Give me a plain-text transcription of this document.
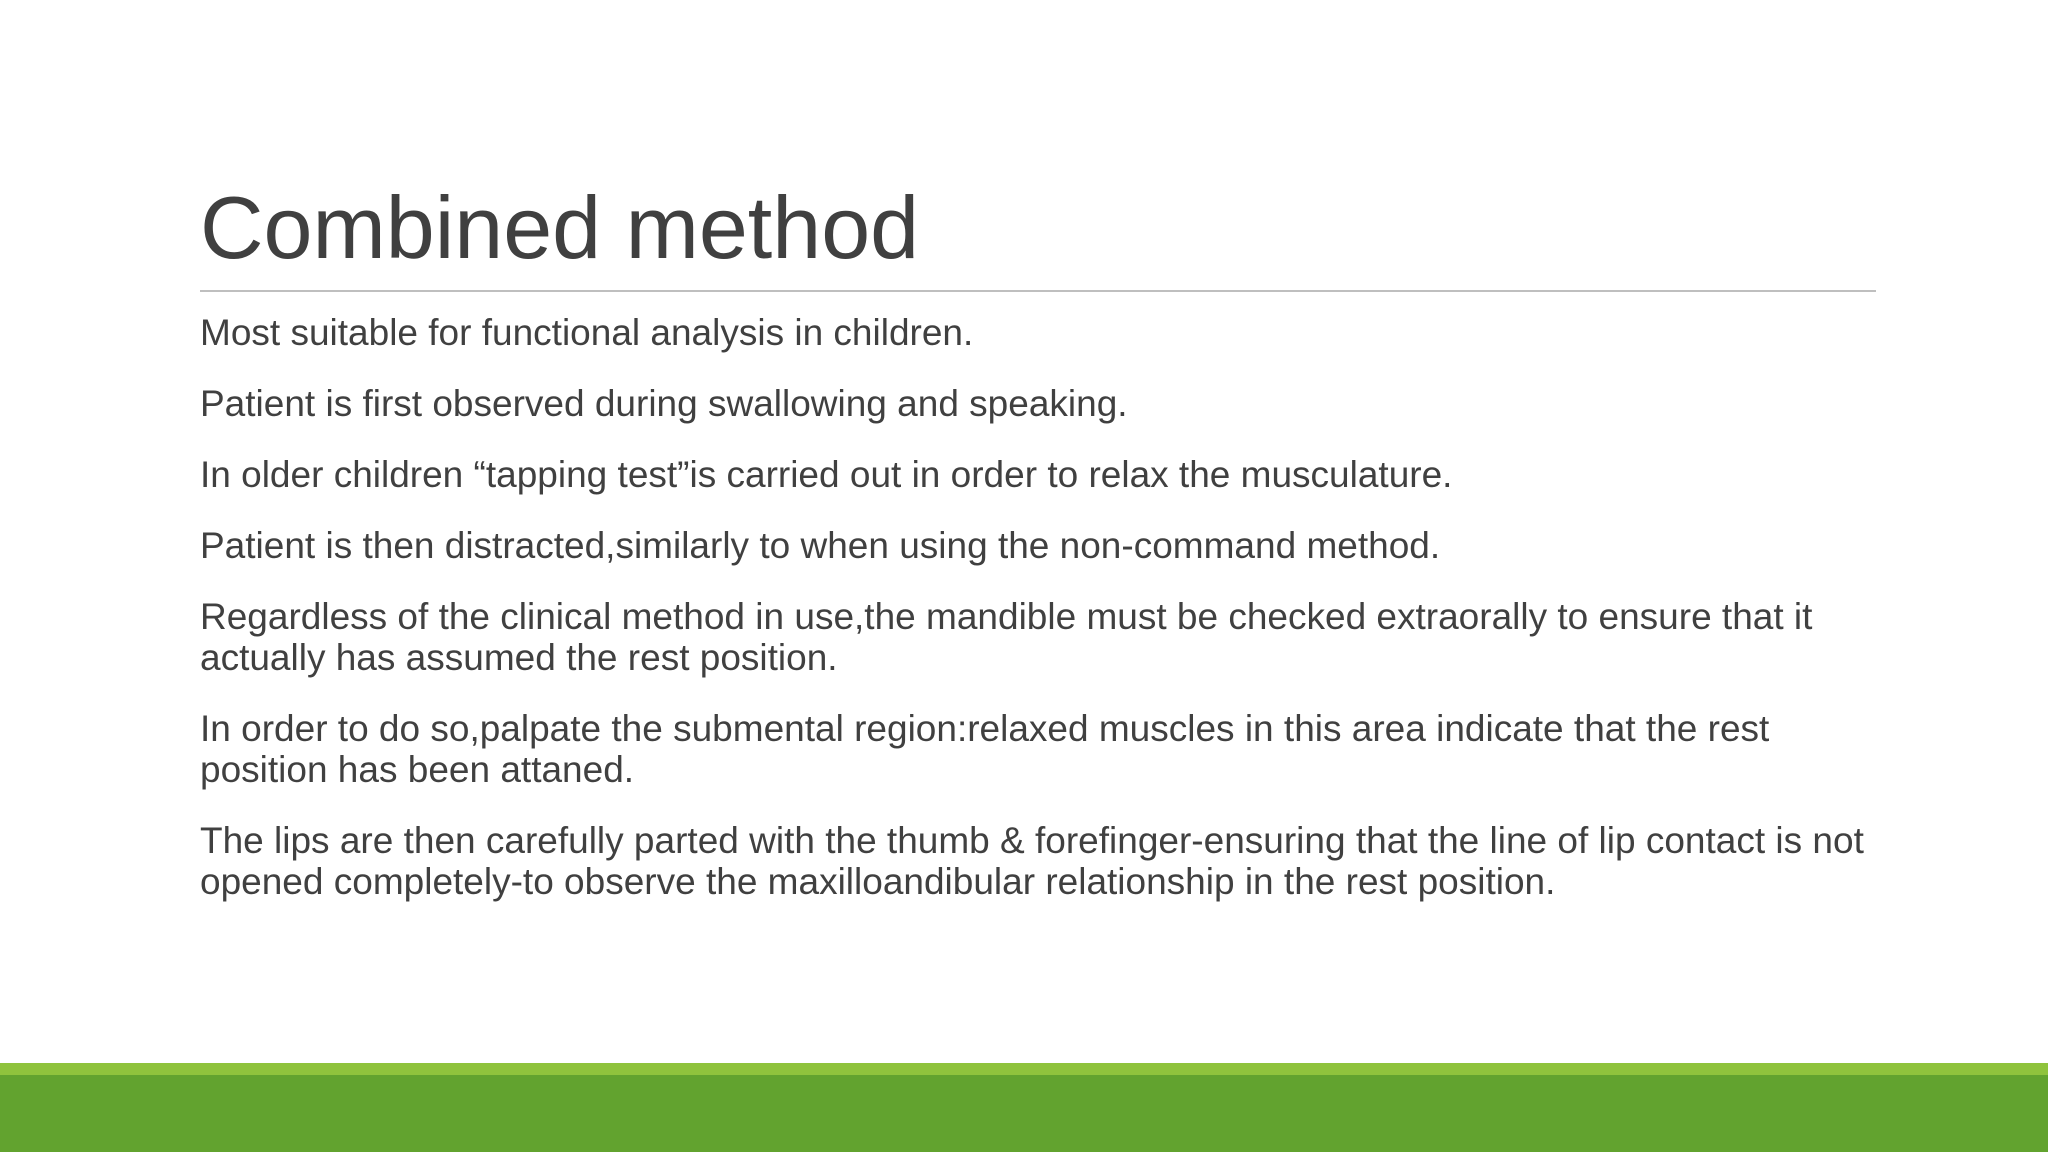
Combined method
Most suitable for functional analysis in children.
Patient is first observed during swallowing and speaking.
In older children “tapping test”is carried out in order to relax the musculature.
Patient is then distracted,similarly to when using the non-command method.
Regardless of the clinical method in use,the mandible must be checked extraorally to ensure that it actually has assumed the rest position.
In order to do so,palpate the submental region:relaxed muscles in this area indicate that the rest position has been attaned.
The lips are then carefully parted with the thumb & forefinger-ensuring that the line of lip contact is not opened completely-to observe the maxilloandibular relationship in the rest position.
